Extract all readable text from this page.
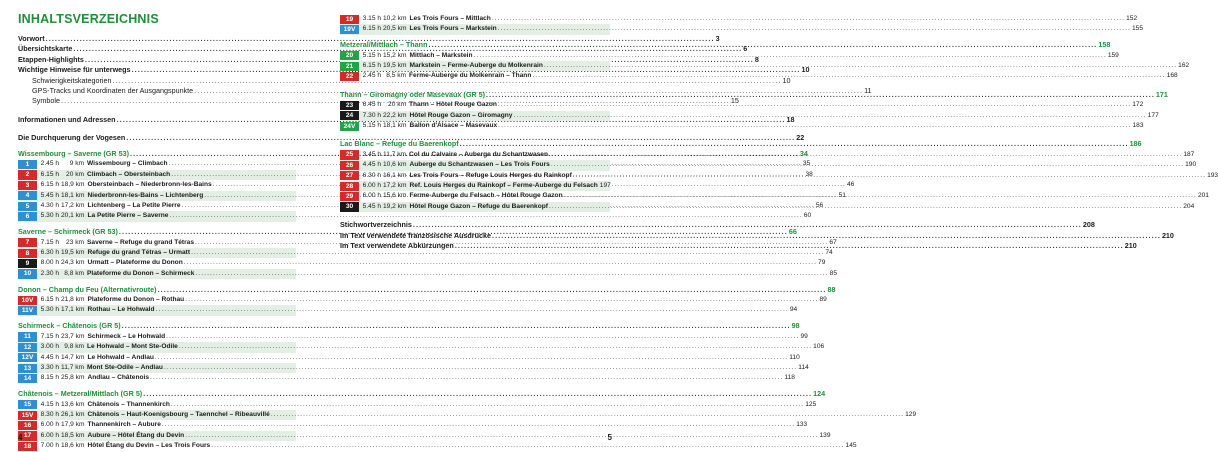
INHALTSVERZEICHNIS
Vorwort .....	3
Übersichtskarte .....	6
Etappen-Highlights .....	8
Wichtige Hinweise für unterwegs .....	10
Schwierigkeitskategorien .....	10
GPS-Tracks und Koordinaten der Ausgangspunkte .....	11
Symbole .....	15
Informationen und Adressen .....	18
Die Durchquerung der Vogesen .....	22
Wissembourg – Saverne (GR 53) .....	34
1	2.45 h	9 km Wissembourg – Climbach .....	35
2	6.15 h	20 km Climbach – Obersteinbach .....	38
3	6.15 h 18,9 km Obersteinbach – Niederbronn-les-Bains .....	46
4	5.45 h 18,1 km Niederbronn-les-Bains – Lichtenberg .....	51
5	4.30 h 17,2 km Lichtenberg – La Petite Pierre .....	56
6	5.30 h 20,1 km La Petite Pierre – Saverne .....	60
Saverne – Schirmeck (GR 53) .....	66
7	7.15 h	23 km Saverne – Refuge du grand Tétras .....	67
8	6.30 h 19,5 km Refuge du grand Tétras – Urmatt .....	74
9	8.00 h 24,3 km Urmatt – Plateforme du Donon .....	79
10	2.30 h 8,8 km Plateforme du Donon – Schirmeck .....	85
Donon – Champ du Feu (Alternativroute) .....	88
10V	6.15 h 21,8 km Plateforme du Donon – Rothau .....	89
11V	5.30 h 17,1 km Rothau – Le Hohwald .....	94
Schirmeck – Châtenois (GR 5) .....	98
11	7.15 h 23,7 km Schirmeck – Le Hohwald .....	99
12	3.00 h 9,8 km Le Hohwald – Mont Ste-Odile .....	106
12V	4.45 h 14,7 km Le Hohwald – Andlau .....	110
13	3.30 h 11,7 km Mont Ste-Odile – Andlau .....	114
14	8.15 h 25,8 km Andlau – Châtenois .....	118
Châtenois – Metzeral/Mittlach (GR 5) .....	124
15	4.15 h 13,6 km Châtenois – Thannenkirch .....	125
15V	8.30 h 26,1 km Châtenois – Haut-Koenigsbourg – Taennchel – Ribeauvillé .....	129
16	6.00 h 17,9 km Thannenkirch – Aubure .....	133
17	6.00 h 18,5 km Aubure – Hôtel Étang du Devin .....	139
18	7.00 h 18,6 km Hôtel Étang du Devin – Les Trois Fours .....	145
4
19	3.15 h 10,2 km Les Trois Fours – Mittlach .....	152
19V	6.15 h 20,5 km Les Trois Fours – Markstein .....	155
Metzeral/Mittlach – Thann .....	158
20	5.15 h 15,2 km Mittlach – Markstein .....	159
21	6.15 h 19,5 km Markstein – Ferme-Auberge du Molkenrain .....	162
22	2.45 h 8,5 km Ferme-Auberge du Molkenrain – Thann .....	168
Thann – Giromagny oder Masevaux (GR 5) .....	171
23	6.45 h	20 km Thann – Hôtel Rouge Gazon .....	172
24	7.30 h 22,2 km Hôtel Rouge Gazon – Giromagny .....	177
24V	5.15 h 18,1 km Ballon d'Alsace – Masevaux .....	183
Lac Blanc – Refuge du Baerenkopf .....	186
25	3.45 h 11,7 km Col du Calvaire – Auberge du Schantzwasen .....	187
26	4.45 h 10,6 km Auberge du Schantzwasen – Les Trois Fours .....	190
27	6.30 h 16,1 km Les Trois Fours – Refuge Louis Herges du Rainkopf .....	193
28	6.00 h 17,2 km Ref. Louis Herges du Rainkopf – Ferme-Auberge du Felsach 197
29	6.00 h 15,6 km Ferme-Auberge du Felsach – Hôtel Rouge Gazon .....	201
30	5.45 h 19,2 km Hôtel Rouge Gazon – Refuge du Baerenkopf .....	204
Stichwortverzeichnis .....	208
Im Text verwendete französische Ausdrücke .....	210
Im Text verwendete Abkürzungen .....	210
5
